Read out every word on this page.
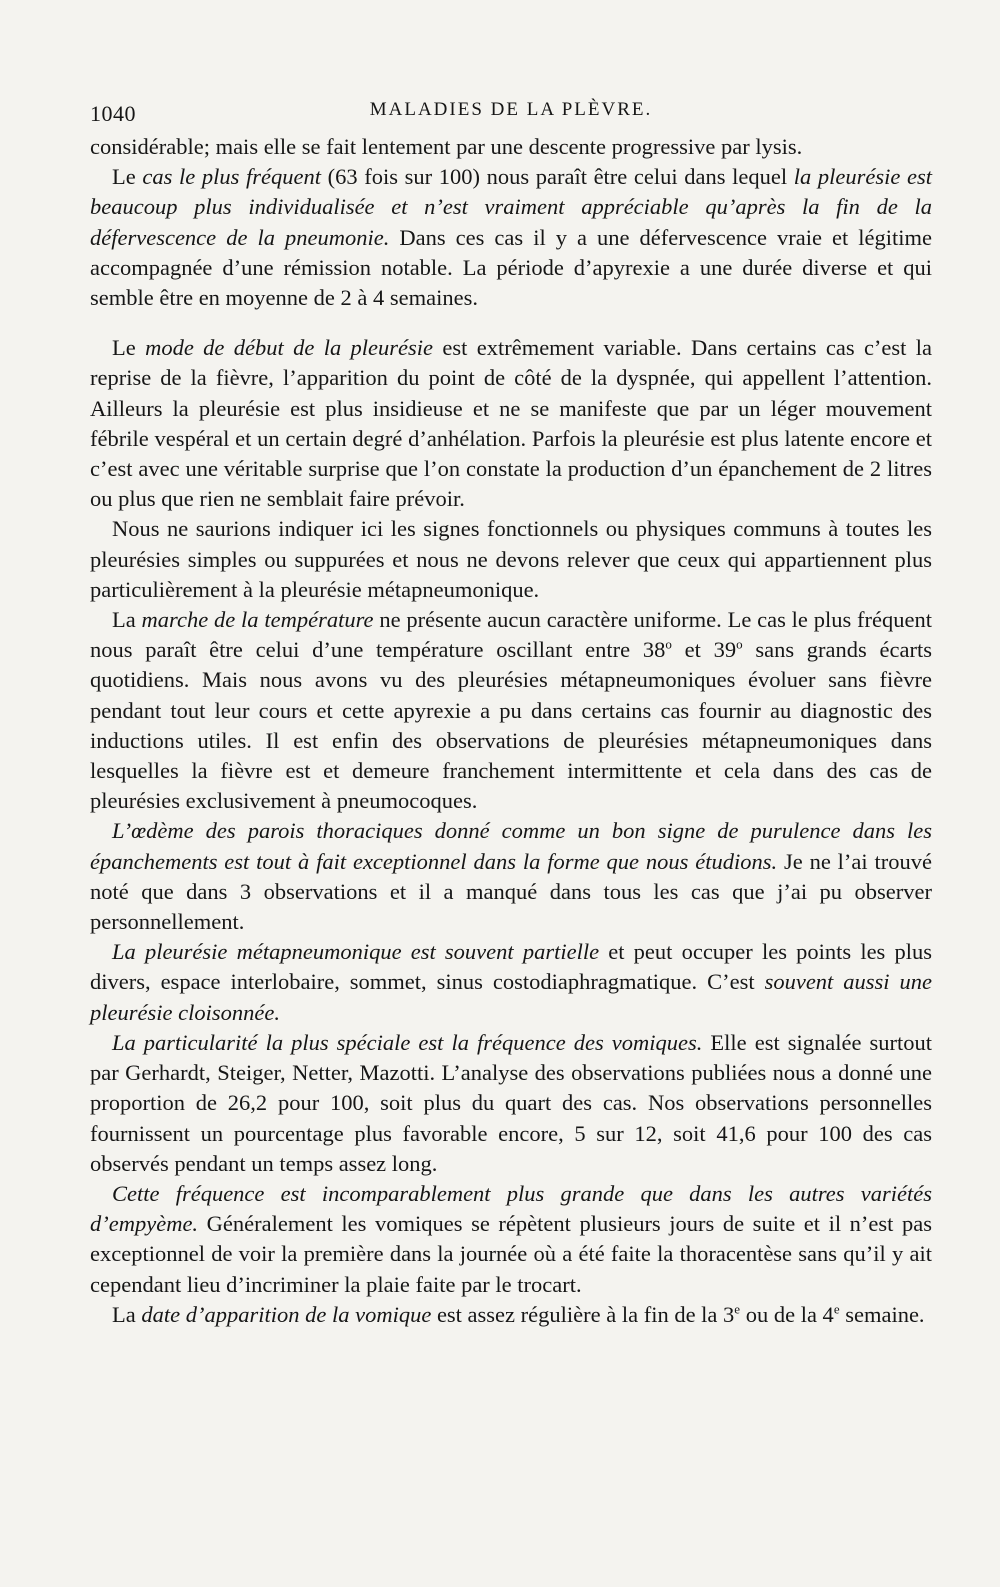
1040	MALADIES DE LA PLÈVRE.

considérable; mais elle se fait lentement par une descente progressive par lysis.

Le cas le plus fréquent (63 fois sur 100) nous paraît être celui dans lequel la pleurésie est beaucoup plus individualisée et n’est vraiment appréciable qu’après la fin de la défervescence de la pneumonie. Dans ces cas il y a une défervescence vraie et légitime accompagnée d’une rémission notable. La période d’apyrexie a une durée diverse et qui semble être en moyenne de 2 à 4 semaines.

Le mode de début de la pleurésie est extrêmement variable. Dans certains cas c’est la reprise de la fièvre, l’apparition du point de côté de la dyspnée, qui appellent l’attention. Ailleurs la pleurésie est plus insidieuse et ne se manifeste que par un léger mouvement fébrile vespéral et un certain degré d’anhélation. Parfois la pleurésie est plus latente encore et c’est avec une véritable surprise que l’on constate la production d’un épanchement de 2 litres ou plus que rien ne semblait faire prévoir.

Nous ne saurions indiquer ici les signes fonctionnels ou physiques communs à toutes les pleurésies simples ou suppurées et nous ne devons relever que ceux qui appartiennent plus particulièrement à la pleurésie métapneumonique.

La marche de la température ne présente aucun caractère uniforme. Le cas le plus fréquent nous paraît être celui d’une température oscillant entre 38$^o$ et 39$^o$ sans grands écarts quotidiens. Mais nous avons vu des pleurésies métapneumoniques évoluer sans fièvre pendant tout leur cours et cette apyrexie a pu dans certains cas fournir au diagnostic des inductions utiles. Il est enfin des observations de pleurésies métapneumoniques dans lesquelles la fièvre est et demeure franchement intermittente et cela dans des cas de pleurésies exclusivement à pneumocoques.

L’œdème des parois thoraciques donné comme un bon signe de purulence dans les épanchements est tout à fait exceptionnel dans la forme que nous étudions. Je ne l’ai trouvé noté que dans 3 observations et il a manqué dans tous les cas que j’ai pu observer personnellement.

La pleurésie métapneumonique est souvent partielle et peut occuper les points les plus divers, espace interlobaire, sommet, sinus costodiaphragmatique. C’est souvent aussi une pleurésie cloisonnée.

La particularité la plus spéciale est la fréquence des vomiques. Elle est signalée surtout par Gerhardt, Steiger, Netter, Mazotti. L’analyse des observations publiées nous a donné une proportion de 26,2 pour 100, soit plus du quart des cas. Nos observations personnelles fournissent un pourcentage plus favorable encore, 5 sur 12, soit 41,6 pour 100 des cas observés pendant un temps assez long.

Cette fréquence est incomparablement plus grande que dans les autres variétés d’empyème. Généralement les vomiques se répètent plusieurs jours de suite et il n’est pas exceptionnel de voir la première dans la journée où a été faite la thoracentèse sans qu’il y ait cependant lieu d’incriminer la plaie faite par le trocart.

La date d’apparition de la vomique est assez régulière à la fin de la 3e ou de la 4e semaine.
